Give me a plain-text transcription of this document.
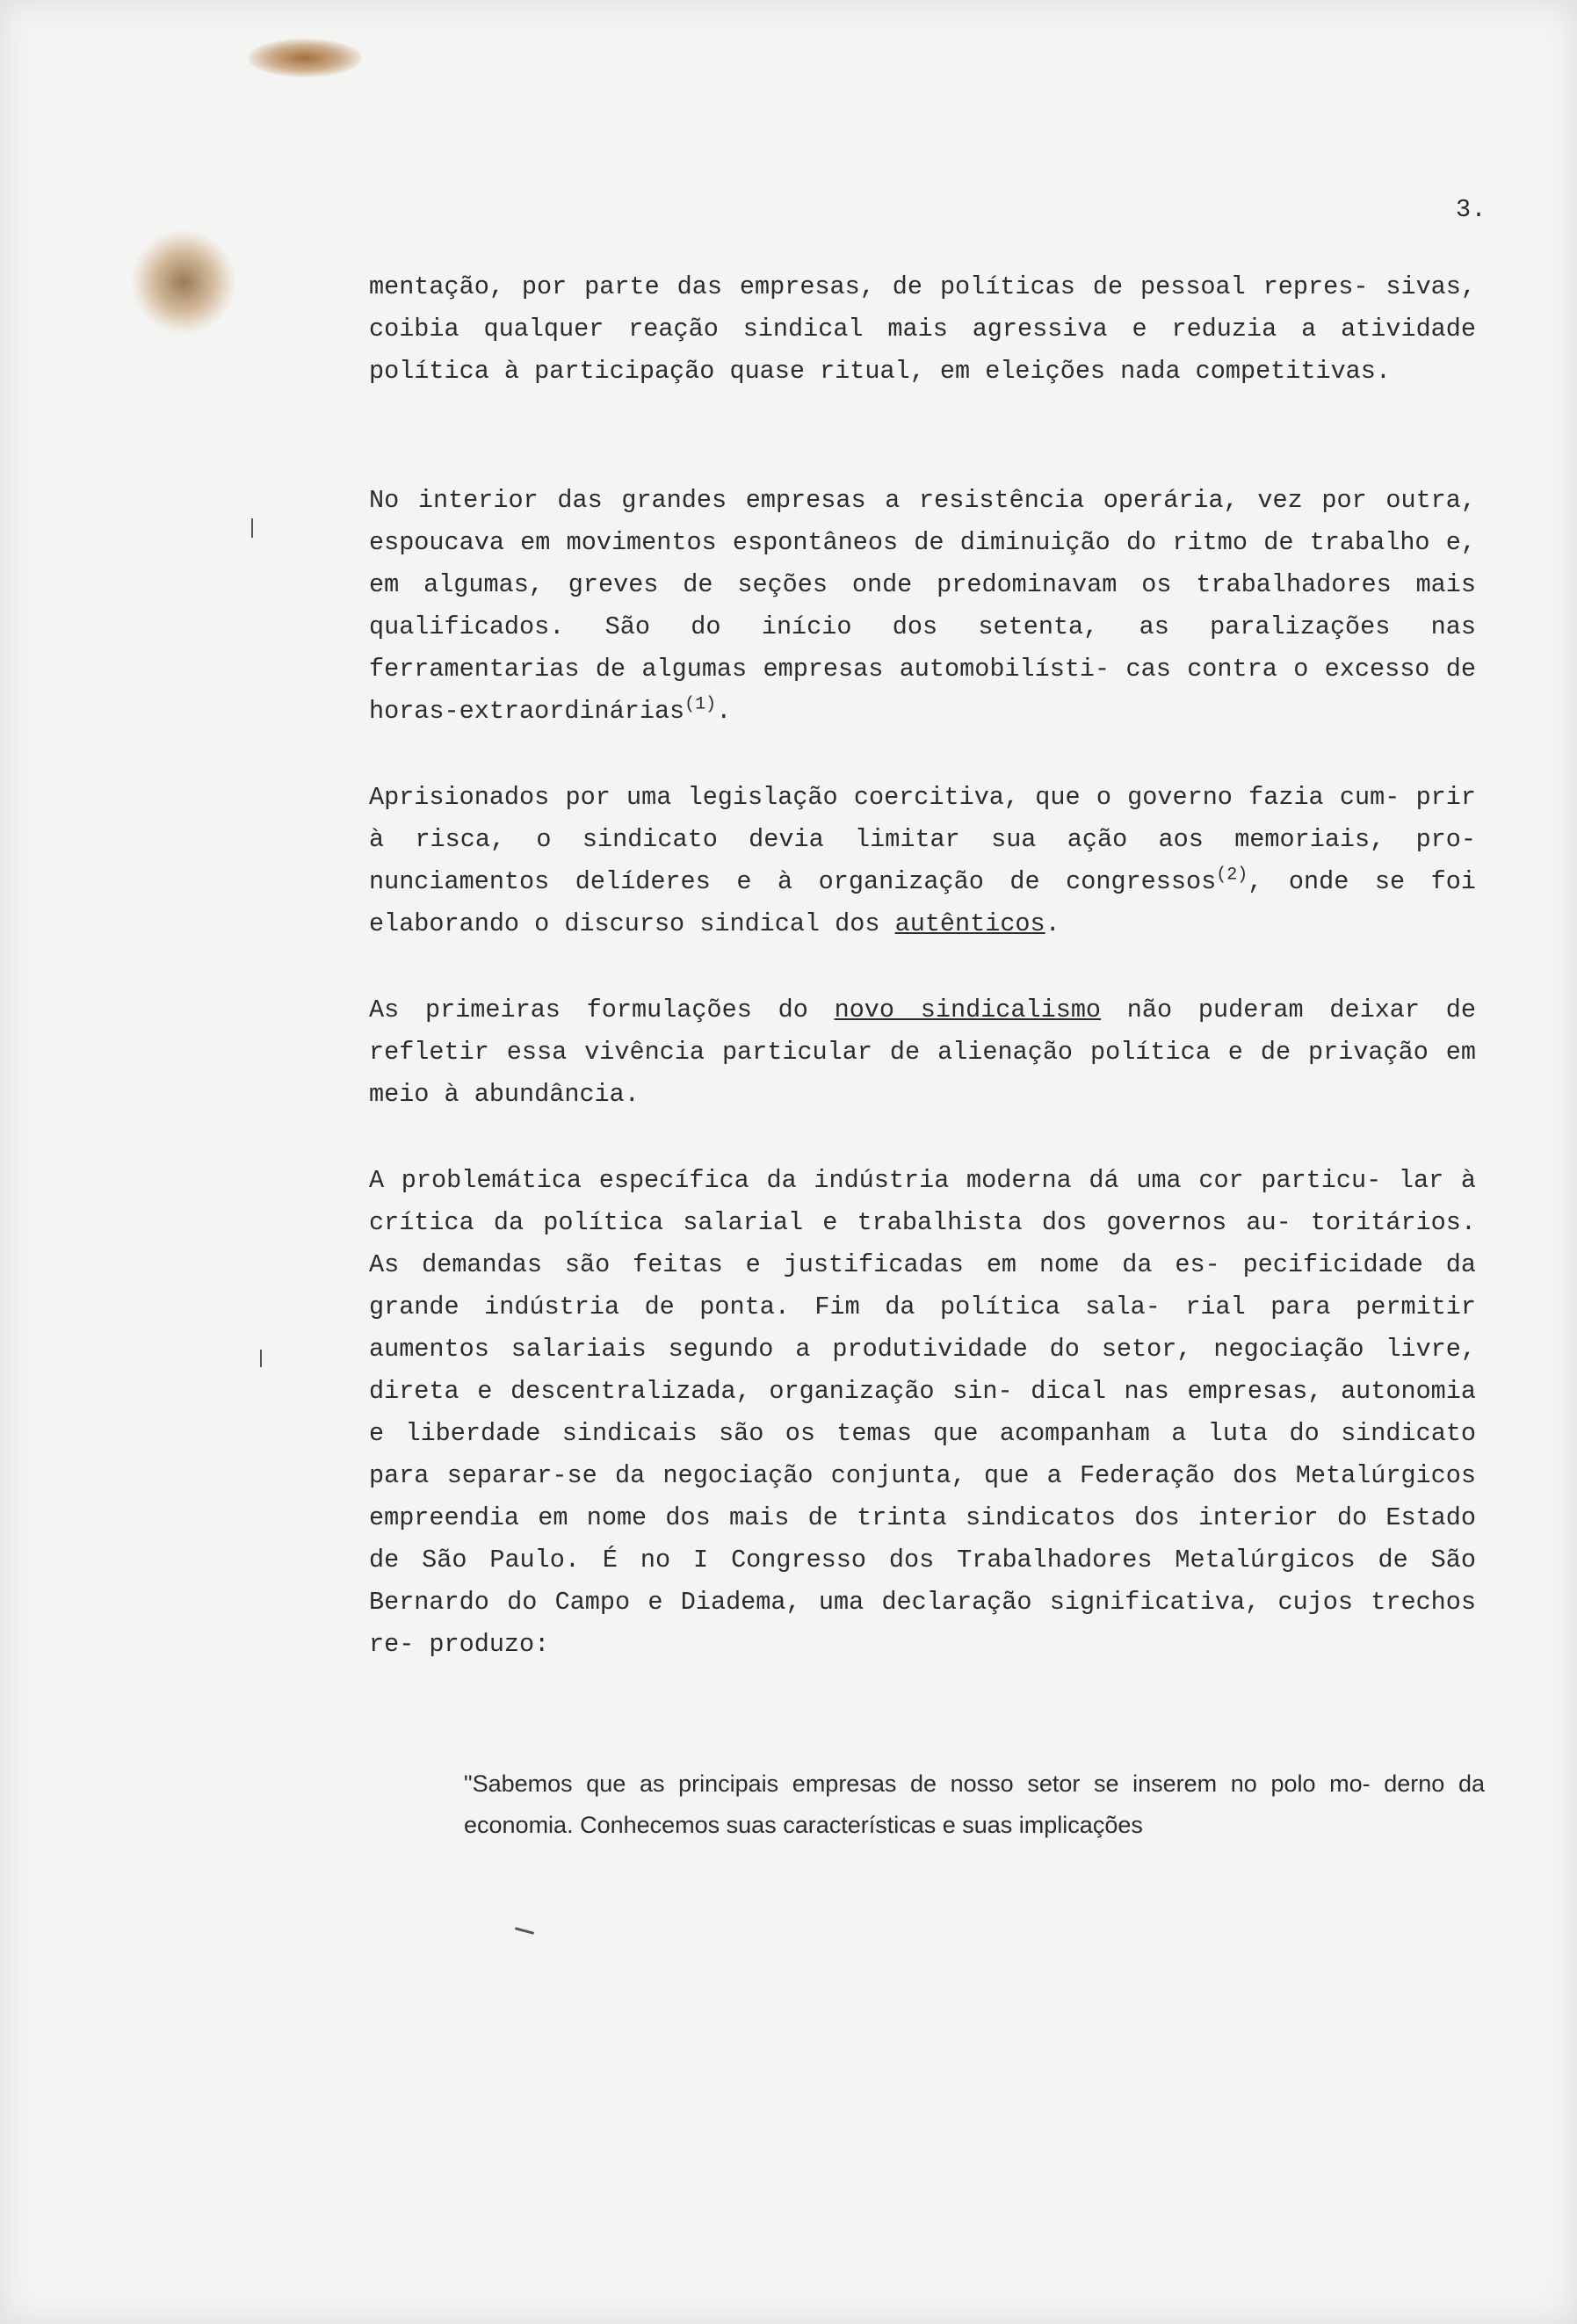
3.
mentação, por parte das empresas, de políticas de pessoal repres- sivas, coibia qualquer reação sindical mais agressiva e reduzia a atividade política à participação quase ritual, em eleições nada competitivas.
No interior das grandes empresas a resistência operária, vez por outra, espoucava em movimentos espontâneos de diminuição do ritmo de trabalho e, em algumas, greves de seções onde predominavam os trabalhadores mais qualificados. São do início dos setenta, as paralizações nas ferramentarias de algumas empresas automobilísti- cas contra o excesso de horas-extraordinárias$^{(1)}$.
Aprisionados por uma legislação coercitiva, que o governo fazia cum- prir à risca, o sindicato devia limitar sua ação aos memoriais, pro- nunciamentos delíderes e à organização de congressos$^{(2)}$, onde se foi elaborando o discurso sindical dos autênticos.
As primeiras formulações do novo sindicalismo não puderam deixar de refletir essa vivência particular de alienação política e de privação em meio à abundância.
A problemática específica da indústria moderna dá uma cor particu- lar à crítica da política salarial e trabalhista dos governos au- toritários. As demandas são feitas e justificadas em nome da es- pecificidade da grande indústria de ponta. Fim da política sala- rial para permitir aumentos salariais segundo a produtividade do setor, negociação livre, direta e descentralizada, organização sin- dical nas empresas, autonomia e liberdade sindicais são os temas que acompanham a luta do sindicato para separar-se da negociação conjunta, que a Federação dos Metalúrgicos empreendia em nome dos mais de trinta sindicatos dos interior do Estado de São Paulo. É no I Congresso dos Trabalhadores Metalúrgicos de São Bernardo do Campo e Diadema, uma declaração significativa, cujos trechos re- produzo:
"Sabemos que as principais empresas de nosso setor se inserem no polo mo- derno da economia. Conhecemos suas características e suas implicações
